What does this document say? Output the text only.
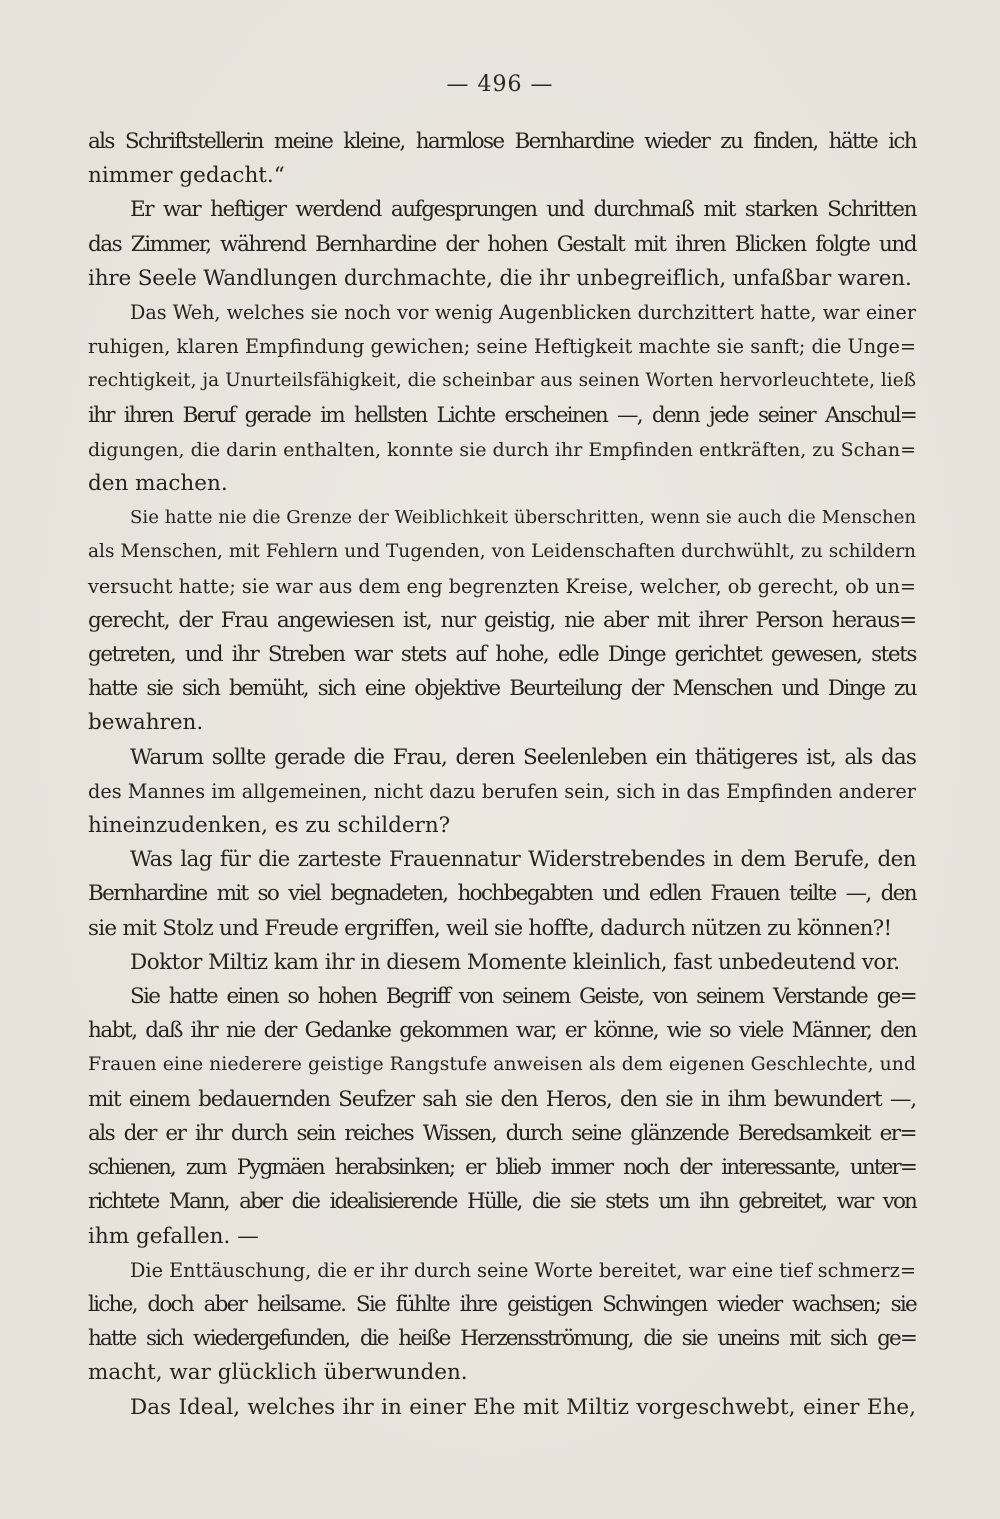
— 496 —
als Schriftstellerin meine kleine, harmlose Bernhardine wieder zu finden, hätte ich
nimmer gedacht.“
Er war heftiger werdend aufgesprungen und durchmaß mit starken Schritten
das Zimmer, während Bernhardine der hohen Gestalt mit ihren Blicken folgte und
ihre Seele Wandlungen durchmachte, die ihr unbegreiflich, unfaßbar waren.
Das Weh, welches sie noch vor wenig Augenblicken durchzittert hatte, war einer
ruhigen, klaren Empfindung gewichen; seine Heftigkeit machte sie sanft; die Unge=
rechtigkeit, ja Unurteilsfähigkeit, die scheinbar aus seinen Worten hervorleuchtete, ließ
ihr ihren Beruf gerade im hellsten Lichte erscheinen —, denn jede seiner Anschul=
digungen, die darin enthalten, konnte sie durch ihr Empfinden entkräften, zu Schan=
den machen.
Sie hatte nie die Grenze der Weiblichkeit überschritten, wenn sie auch die Menschen
als Menschen, mit Fehlern und Tugenden, von Leidenschaften durchwühlt, zu schildern
versucht hatte; sie war aus dem eng begrenzten Kreise, welcher, ob gerecht, ob un=
gerecht, der Frau angewiesen ist, nur geistig, nie aber mit ihrer Person heraus=
getreten, und ihr Streben war stets auf hohe, edle Dinge gerichtet gewesen, stets
hatte sie sich bemüht, sich eine objektive Beurteilung der Menschen und Dinge zu
bewahren.
Warum sollte gerade die Frau, deren Seelenleben ein thätigeres ist, als das
des Mannes im allgemeinen, nicht dazu berufen sein, sich in das Empfinden anderer
hineinzudenken, es zu schildern?
Was lag für die zarteste Frauennatur Widerstrebendes in dem Berufe, den
Bernhardine mit so viel begnadeten, hochbegabten und edlen Frauen teilte —, den
sie mit Stolz und Freude ergriffen, weil sie hoffte, dadurch nützen zu können?!
Doktor Miltiz kam ihr in diesem Momente kleinlich, fast unbedeutend vor.
Sie hatte einen so hohen Begriff von seinem Geiste, von seinem Verstande ge=
habt, daß ihr nie der Gedanke gekommen war, er könne, wie so viele Männer, den
Frauen eine niederere geistige Rangstufe anweisen als dem eigenen Geschlechte, und
mit einem bedauernden Seufzer sah sie den Heros, den sie in ihm bewundert —,
als der er ihr durch sein reiches Wissen, durch seine glänzende Beredsamkeit er=
schienen, zum Pygmäen herabsinken; er blieb immer noch der interessante, unter=
richtete Mann, aber die idealisierende Hülle, die sie stets um ihn gebreitet, war von
ihm gefallen. —
Die Enttäuschung, die er ihr durch seine Worte bereitet, war eine tief schmerz=
liche, doch aber heilsame. Sie fühlte ihre geistigen Schwingen wieder wachsen; sie
hatte sich wiedergefunden, die heiße Herzensströmung, die sie uneins mit sich ge=
macht, war glücklich überwunden.
Das Ideal, welches ihr in einer Ehe mit Miltiz vorgeschwebt, einer Ehe,
